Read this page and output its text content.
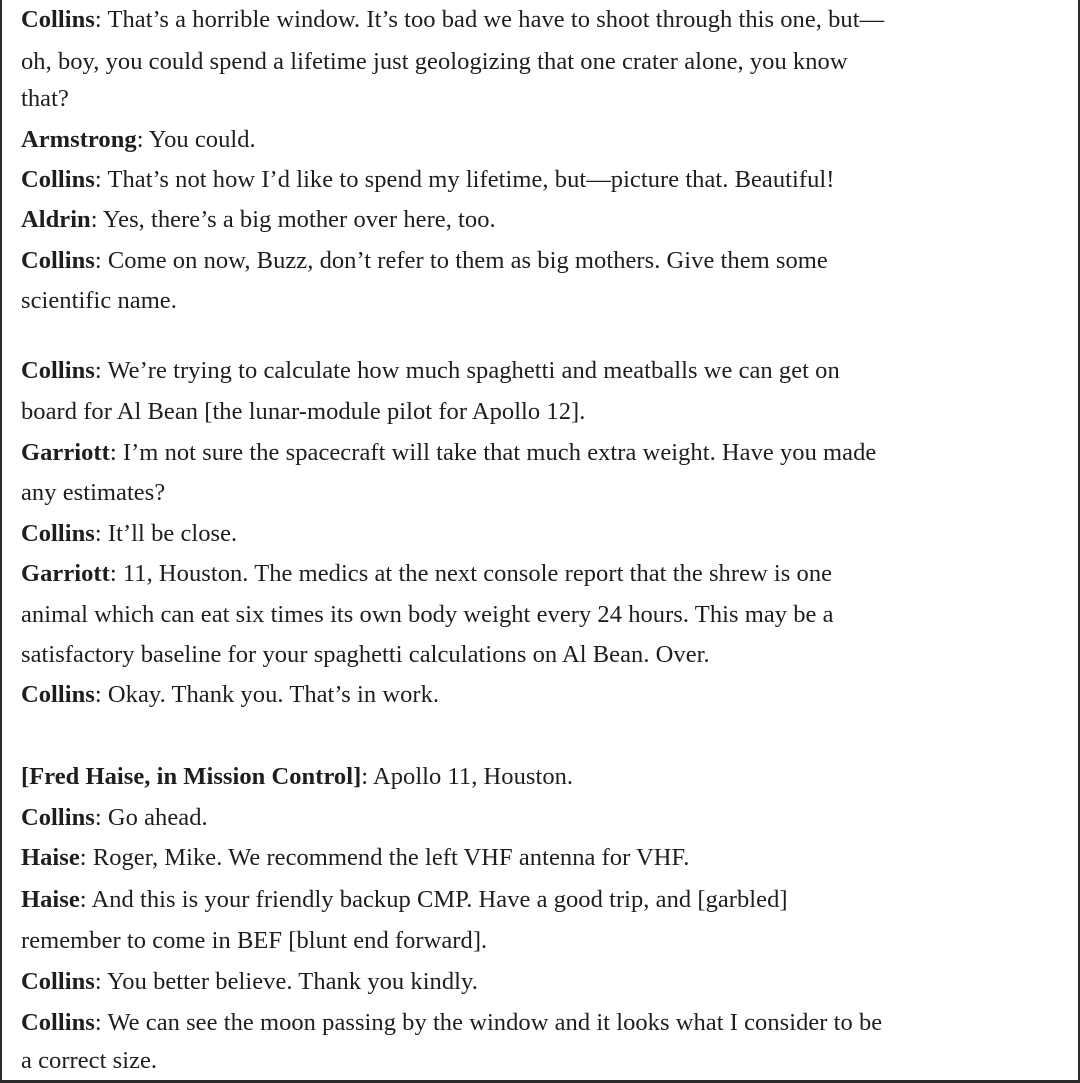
Collins: That’s a horrible window. It’s too bad we have to shoot through this one, but—
oh, boy, you could spend a lifetime just geologizing that one crater alone, you know
that?
Armstrong: You could.
Collins: That’s not how I’d like to spend my lifetime, but—picture that. Beautiful!
Aldrin: Yes, there’s a big mother over here, too.
Collins: Come on now, Buzz, don’t refer to them as big mothers. Give them some
scientific name.
Collins: We’re trying to calculate how much spaghetti and meatballs we can get on
board for Al Bean [the lunar-module pilot for Apollo 12].
Garriott: I’m not sure the spacecraft will take that much extra weight. Have you made
any estimates?
Collins: It’ll be close.
Garriott: 11, Houston. The medics at the next console report that the shrew is one
animal which can eat six times its own body weight every 24 hours. This may be a
satisfactory baseline for your spaghetti calculations on Al Bean. Over.
Collins: Okay. Thank you. That’s in work.
[Fred Haise, in Mission Control]: Apollo 11, Houston.
Collins: Go ahead.
Haise: Roger, Mike. We recommend the left VHF antenna for VHF.
Haise: And this is your friendly backup CMP. Have a good trip, and [garbled]
remember to come in BEF [blunt end forward].
Collins: You better believe. Thank you kindly.
Collins: We can see the moon passing by the window and it looks what I consider to be
a correct size.
